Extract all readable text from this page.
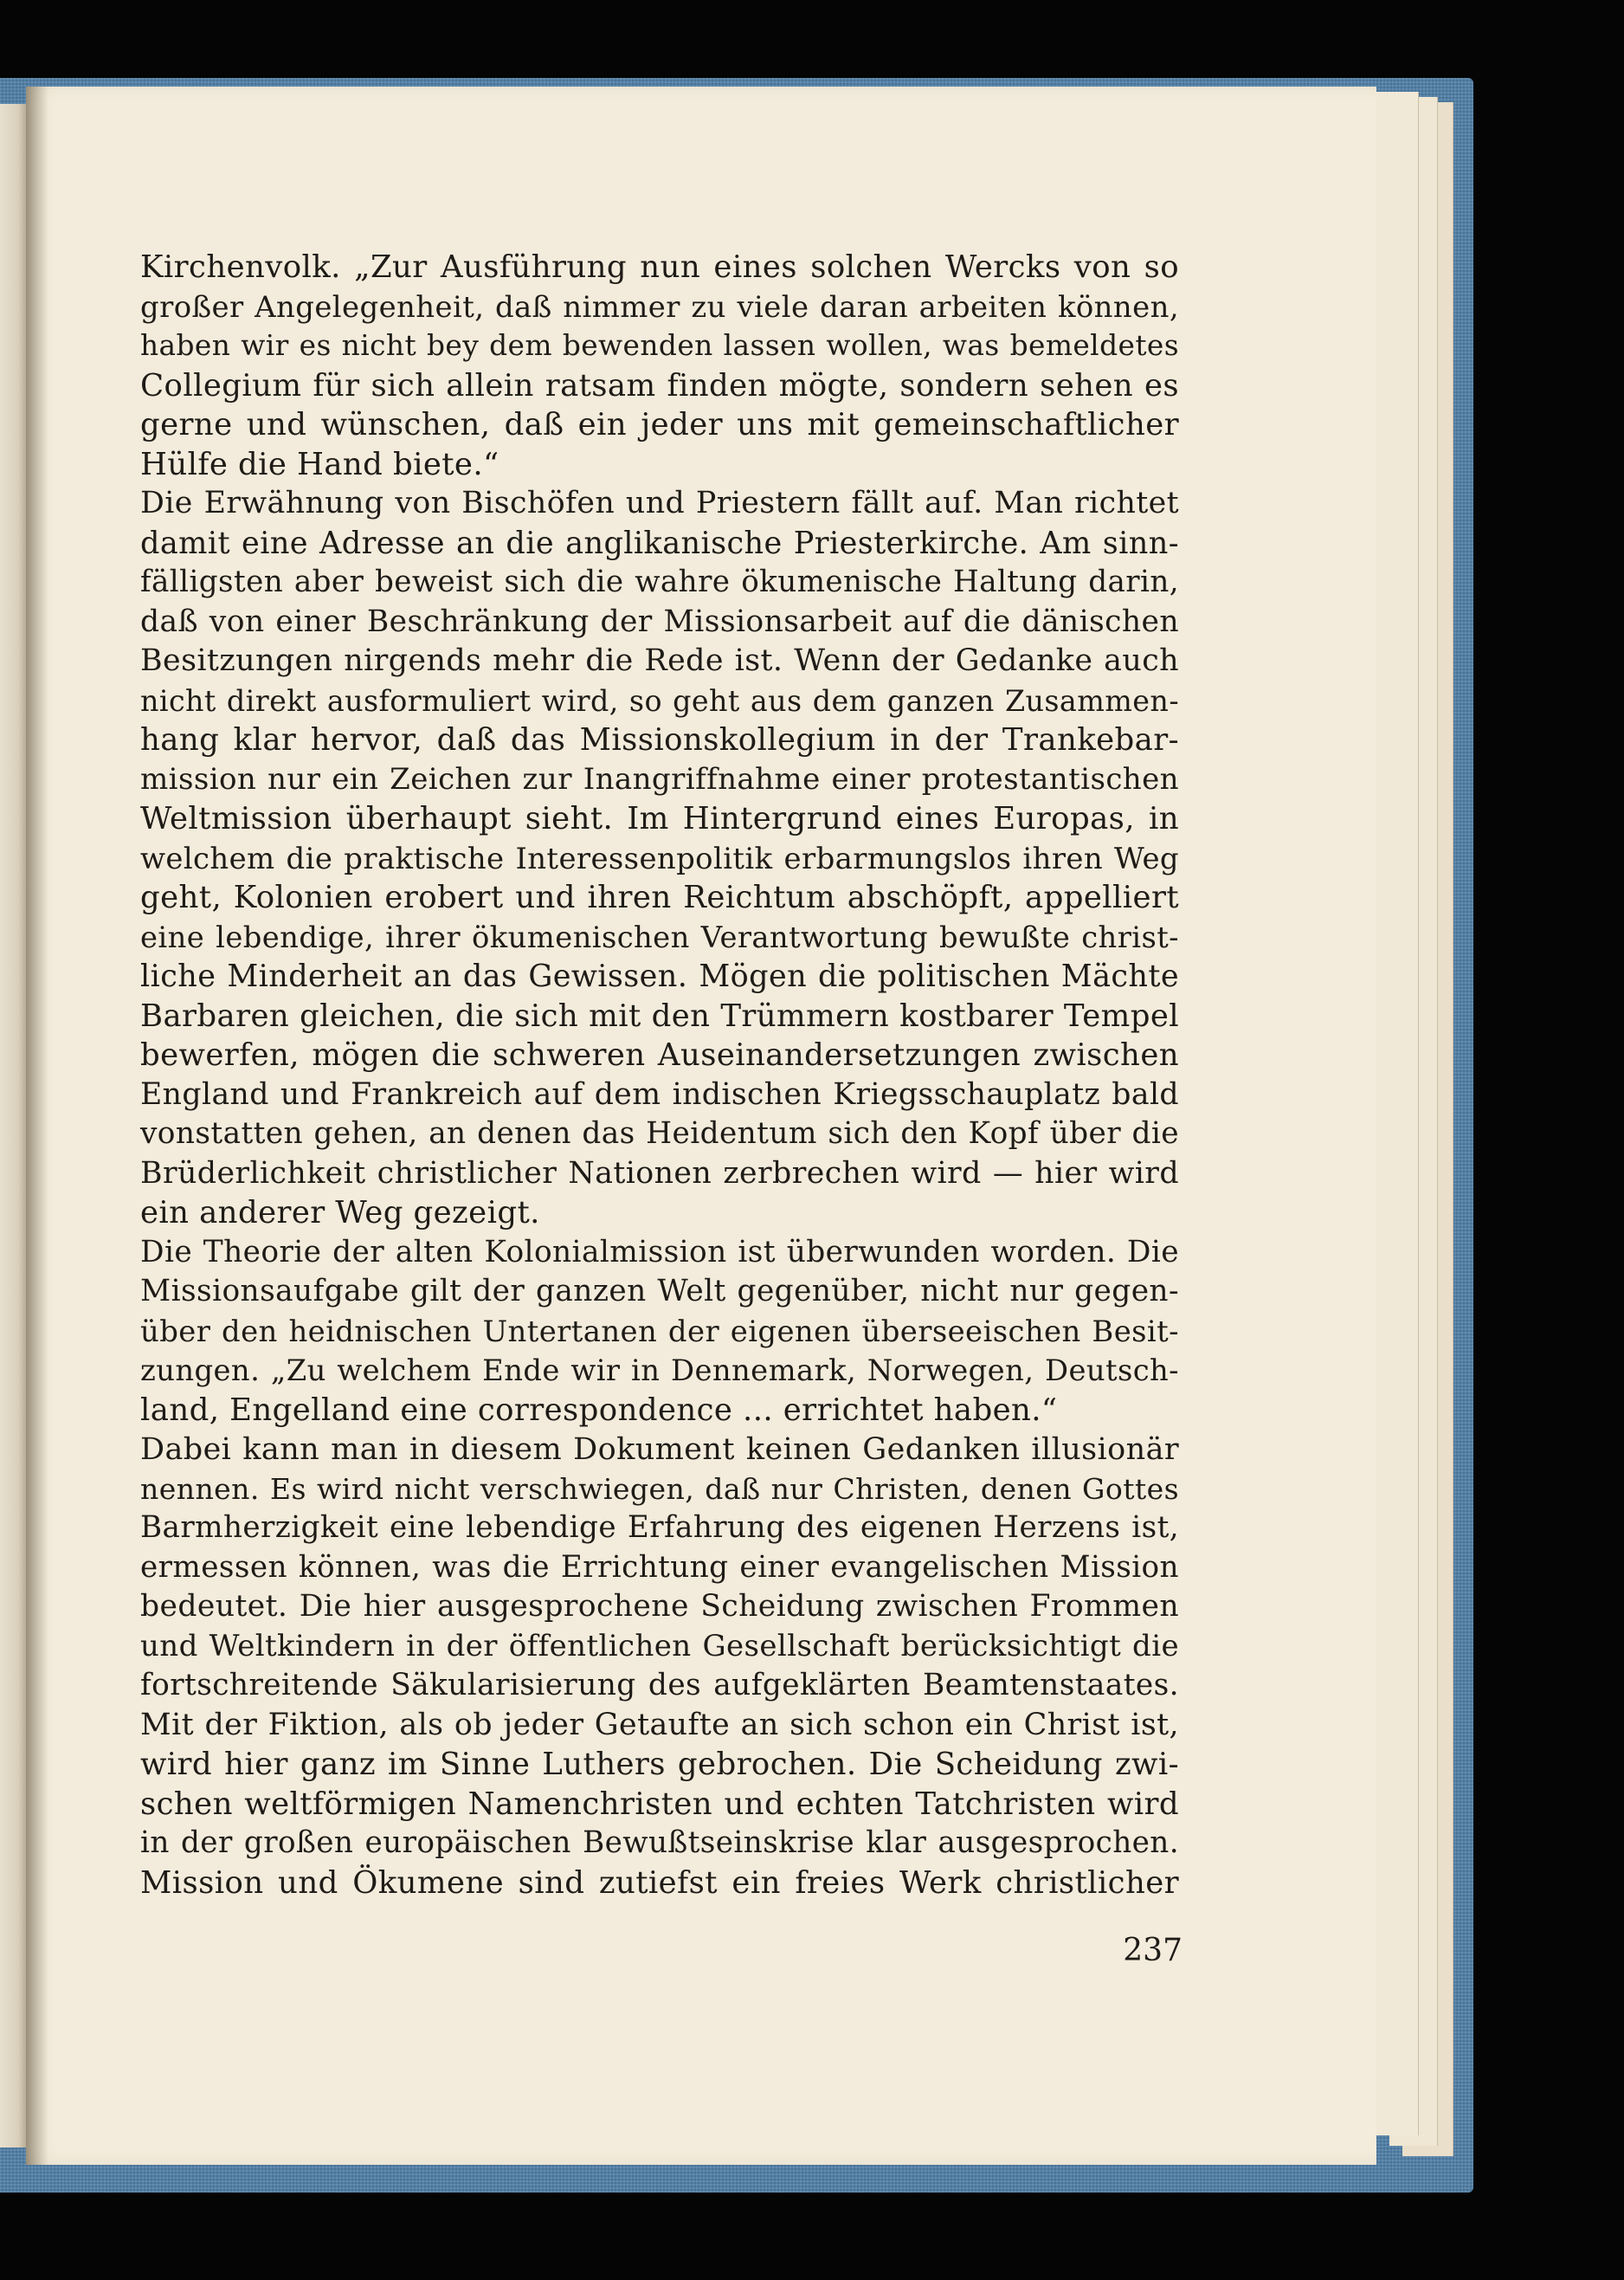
Kirchenvolk. „Zur Ausführung nun eines solchen Wercks von so
großer Angelegenheit, daß nimmer zu viele daran arbeiten können,
haben wir es nicht bey dem bewenden lassen wollen, was bemeldetes
Collegium für sich allein ratsam finden mögte, sondern sehen es
gerne und wünschen, daß ein jeder uns mit gemeinschaftlicher
Hülfe die Hand biete.“
Die Erwähnung von Bischöfen und Priestern fällt auf. Man richtet
damit eine Adresse an die anglikanische Priesterkirche. Am sinn-
fälligsten aber beweist sich die wahre ökumenische Haltung darin,
daß von einer Beschränkung der Missionsarbeit auf die dänischen
Besitzungen nirgends mehr die Rede ist. Wenn der Gedanke auch
nicht direkt ausformuliert wird, so geht aus dem ganzen Zusammen-
hang klar hervor, daß das Missionskollegium in der Trankebar-
mission nur ein Zeichen zur Inangriffnahme einer protestantischen
Weltmission überhaupt sieht. Im Hintergrund eines Europas, in
welchem die praktische Interessenpolitik erbarmungslos ihren Weg
geht, Kolonien erobert und ihren Reichtum abschöpft, appelliert
eine lebendige, ihrer ökumenischen Verantwortung bewußte christ-
liche Minderheit an das Gewissen. Mögen die politischen Mächte
Barbaren gleichen, die sich mit den Trümmern kostbarer Tempel
bewerfen, mögen die schweren Auseinandersetzungen zwischen
England und Frankreich auf dem indischen Kriegsschauplatz bald
vonstatten gehen, an denen das Heidentum sich den Kopf über die
Brüderlichkeit christlicher Nationen zerbrechen wird — hier wird
ein anderer Weg gezeigt.
Die Theorie der alten Kolonialmission ist überwunden worden. Die
Missionsaufgabe gilt der ganzen Welt gegenüber, nicht nur gegen-
über den heidnischen Untertanen der eigenen überseeischen Besit-
zungen. „Zu welchem Ende wir in Dennemark, Norwegen, Deutsch-
land, Engelland eine correspondence ... errichtet haben.“
Dabei kann man in diesem Dokument keinen Gedanken illusionär
nennen. Es wird nicht verschwiegen, daß nur Christen, denen Gottes
Barmherzigkeit eine lebendige Erfahrung des eigenen Herzens ist,
ermessen können, was die Errichtung einer evangelischen Mission
bedeutet. Die hier ausgesprochene Scheidung zwischen Frommen
und Weltkindern in der öffentlichen Gesellschaft berücksichtigt die
fortschreitende Säkularisierung des aufgeklärten Beamtenstaates.
Mit der Fiktion, als ob jeder Getaufte an sich schon ein Christ ist,
wird hier ganz im Sinne Luthers gebrochen. Die Scheidung zwi-
schen weltförmigen Namenchristen und echten Tatchristen wird
in der großen europäischen Bewußtseinskrise klar ausgesprochen.
Mission und Ökumene sind zutiefst ein freies Werk christlicher
237
